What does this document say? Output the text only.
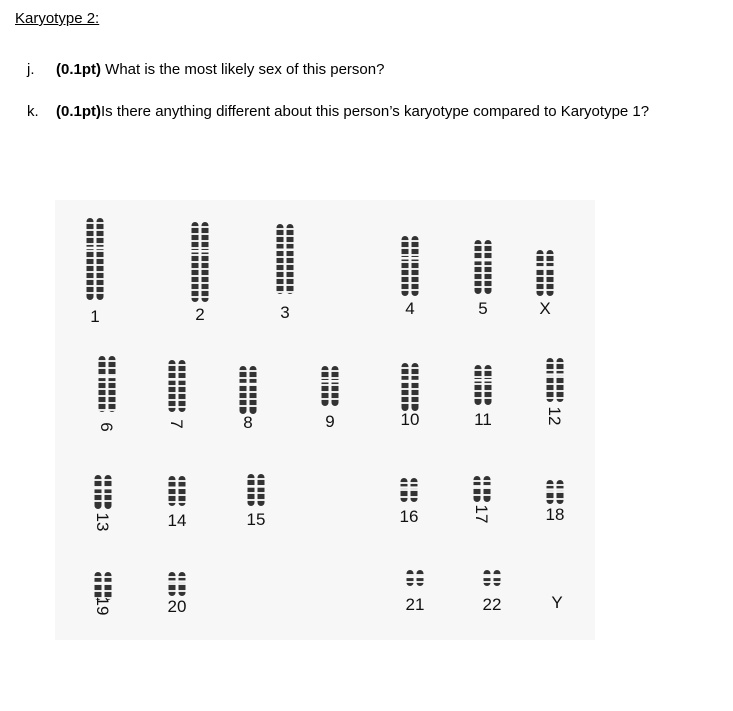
Karyotype 2:
j. (0.1pt) What is the most likely sex of this person?
k. (0.1pt)Is there anything different about this person’s karyotype compared to Karyotype 1?
1	2	3	4	5	X
6	7	8	9	10	11	12
13	14	15	16	17	18
19	20	21	22	Y
